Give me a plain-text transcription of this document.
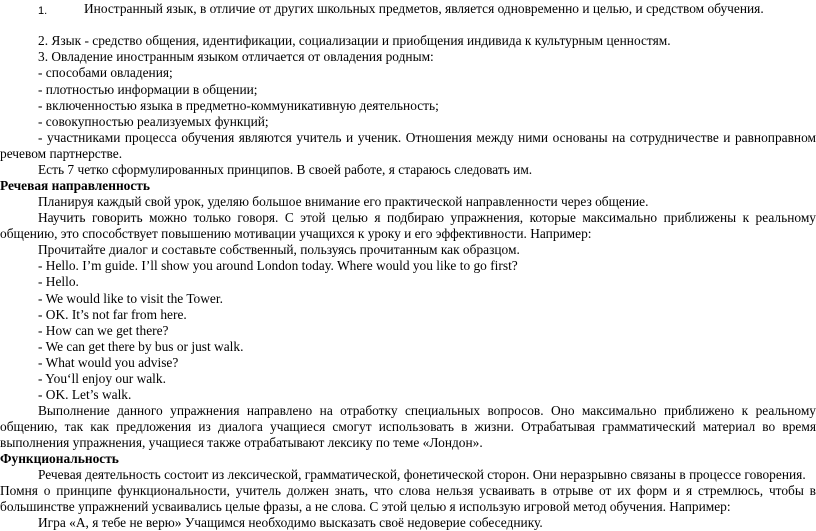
1.	Иностранный язык, в отличие от других школьных предметов, является одновременно и целью, и средством обучения.
2. Язык - средство общения, идентификации, социализации и приобщения индивида к культурным ценностям.
3. Овладение иностранным языком отличается от овладения родным:
- способами овладения;
- плотностью информации в общении;
- включенностью языка в предметно-коммуникативную деятельность;
- совокупностью реализуемых функций;
- участниками процесса обучения являются учитель и ученик. Отношения между ними основаны на сотрудничестве и равноправном
речевом партнерстве.
Есть 7 четко сформулированных принципов. В своей работе, я стараюсь следовать им.
Речевая направленность
Планируя каждый свой урок, уделяю большое внимание его практической направленности через общение.
Научить говорить можно только говоря. С этой целью я подбираю упражнения, которые максимально приближены к реальному
общению, это способствует повышению мотивации учащихся к уроку и его эффективности. Например:
Прочитайте диалог и составьте собственный, пользуясь прочитанным как образцом.
- Hello. I’m guide. I’ll show you around London today. Where would you like to go first?
- Hello.
- We would like to visit the Tower.
- OK. It’s not far from here.
- How can we get there?
- We can get there by bus or just walk.
- What would you advise?
- You‘ll enjoy our walk.
- OK. Let’s walk.
Выполнение данного упражнения направлено на отработку специальных вопросов. Оно максимально приближено к реальному
общению, так как предложения из диалога учащиеся смогут использовать в жизни. Отрабатывая грамматический материал во время
выполнения упражнения, учащиеся также отрабатывают лексику по теме «Лондон».
Функциональность
Речевая деятельность состоит из лексической, грамматической, фонетической сторон. Они неразрывно связаны в процессе говорения.
Помня о принципе функциональности, учитель должен знать, что слова нельзя усваивать в отрыве от их форм и я стремлюсь, чтобы в
большинстве упражнений усваивались целые фразы, а не слова. С этой целью я использую игровой метод обучения. Например:
Игра «А, я тебе не верю» Учащимся необходимо высказать своё недоверие собеседнику.
